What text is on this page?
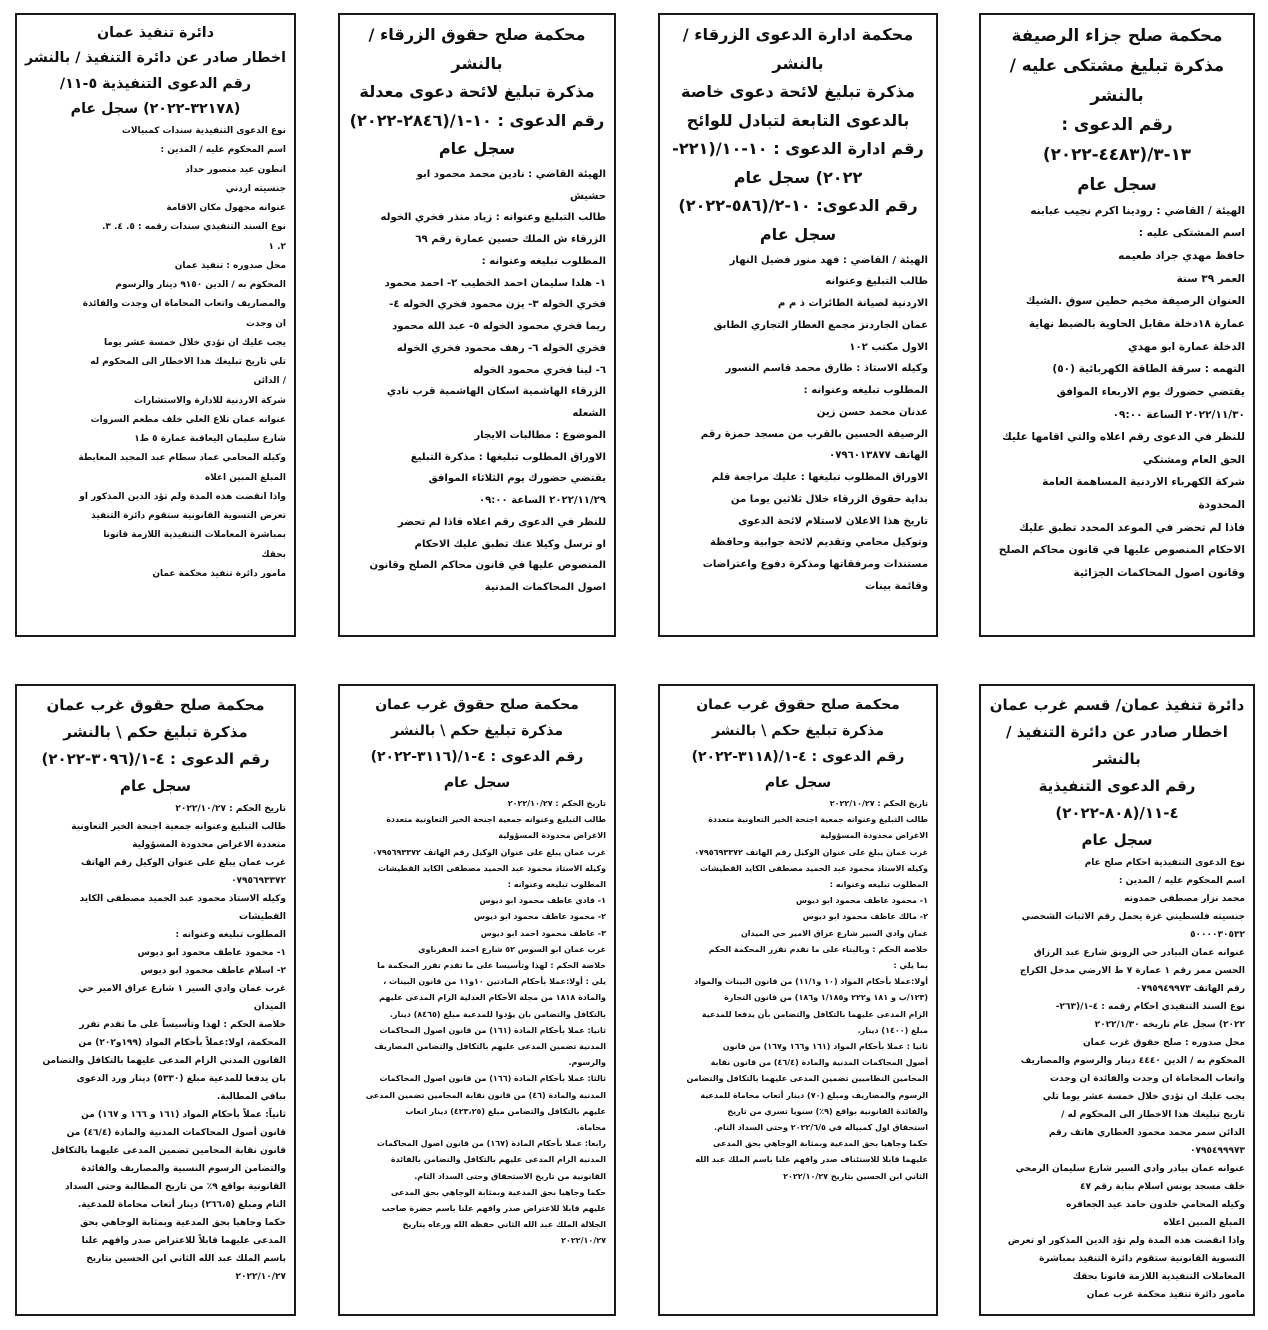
محكمة صلح جزاء الرصيفة

مذكرة تبليغ مشتكى عليه / بالنشر

رقم الدعوى : ١٣-٣/(٤٤٨٣-٢٠٢٢)

سجل عام

الهيئة / القاضي : رودينا اكرم نجيب عبابنه

اسم المشتكى عليه :

حافظ مهدي جراد طعيمه

العمر ٣٩ سنة

العنوان الرصيفة مخيم حطين سوق .الشيك

عمارة ١٨دخلة مقابل الحاوية بالضبط نهاية

الدخلة عمارة ابو مهدي

التهمه : سرقة الطاقة الكهربائية (٥٠)

يقتضي حضورك يوم الاربعاء الموافق

٢٠٢٢/١١/٣٠ الساعة ٠٩:٠٠

للنظر في الدعوى رقم اعلاه والتي اقامها عليك

الحق العام ومشتكي

شركة الكهرباء الاردنية المساهمة العامة

المحدودة

فاذا لم تحضر في الموعد المحدد تطبق عليك

الاحكام المنصوص عليها في قانون محاكم الصلح

وقانون اصول المحاكمات الجزائية

محكمة ادارة الدعوى الزرقاء /بالنشر

مذكرة تبليغ لائحة دعوى خاصة

بالدعوى التابعة لتبادل للوائح

رقم ادارة الدعوى : ١٠-١٠/(٢٢١-

٢٠٢٢) سجل عام

رقم الدعوى: ١٠-٢/(٥٨٦-٢٠٢٢)

سجل عام

الهيئة / القاضي : فهد منور فضيل النهار

طالب التبليغ وعنوانه

الاردنية لصيانة الطائرات ذ م م

عمان الجاردنز مجمع العطار التجاري الطابق

الاول مكتب ١٠٢

وكيله الاستاذ : طارق محمد قاسم النسور

المطلوب تبليغه وعنوانه :

عدنان محمد حسن زين

الرصيفة الحسين بالقرب من مسجد حمزة رقم

الهاتف ٠٧٩٦٠١٣٨٧٧

الاوراق المطلوب تبليغها : عليك مراجعة قلم

بداية حقوق الزرقاء خلال ثلاثين يوما من

تاريخ هذا الاعلان لاستلام لائحة الدعوى

وتوكيل محامي وتقديم لائحة جوابية وحافظة

مستندات ومرفقاتها ومذكرة دفوع واعتراضات

وقائمة بينات

محكمة صلح حقوق الزرقاء / بالنشر

مذكرة تبليغ لائحة دعوى معدلة

رقم الدعوى : ١٠-١/(٢٨٤٦-٢٠٢٢)

سجل عام

الهيئة القاضي : نادين محمد محمود ابو

حشيش

طالب التبليغ وعنوانه : زياد منذر فخري الخوله

الزرقاء ش الملك حسين عمارة رقم ٦٩

المطلوب تبليغه وعنوانه :

١- هلدا سليمان احمد الخطيب ٢- احمد محمود

فخري الخوله ٣- يزن محمود فخري الخوله ٤-

ريما فخري محمود الخوله ٥- عبد الله محمود

فخري الخوله ٦- رهف محمود فخري الخوله

٦- لينا فخري محمود الخوله

الزرقاء الهاشمية اسكان الهاشمية قرب نادي

الشعله

الموضوع : مطالبات الايجار

الاوراق المطلوب تبليغها : مذكرة التبليغ

يقتضي حضورك يوم الثلاثاء الموافق

٢٠٢٢/١١/٢٩ الساعة ٠٩:٠٠

للنظر في الدعوى رقم اعلاه فاذا لم تحضر

او ترسل وكيلا عنك تطبق عليك الاحكام

المنصوص عليها في قانون محاكم الصلح وقانون

اصول المحاكمات المدنية

دائرة تنفيذ عمان

اخطار صادر عن دائرة التنفيذ / بالنشر

رقم الدعوى التنفيذية ٥-١١/

(٣٢١٧٨-٢٠٢٢) سجل عام

نوع الدعوى التنفيذية سندات كمبيالات

اسم المحكوم عليه / المدين :

انطون عيد منصور حداد

جنسيته اردني

عنوانه مجهول مكان الاقامة

نوع السند التنفيذي سندات رقمه : ٥. ٤. ٣.

٢. ١

محل صدوره : تنفيذ عمان

المحكوم به / الدين ٩١٥٠ دينار والرسوم

والمصاريف واتعاب المحاماة ان وجدت والفائدة

ان وجدت

يجب عليك ان تؤدي خلال خمسة عشر يوما

تلي تاريخ تبليغك هذا الاخطار الى المحكوم له

/ الدائن

شركة الاردنية للادارة والاستشارات

عنوانه عمان تلاع العلي خلف مطعم السروات

شارع سليمان اليعاقبة عمارة ٥ ط١

وكيله المحامي عماد سطام عبد المجيد المعايطة

المبلغ المبين اعلاه

واذا انقضت هذه المدة ولم تؤد الدين المذكور او

تعرض التسوية القانونية ستقوم دائرة التنفيذ

بمباشرة المعاملات التنفيذية اللازمة قانونا

بحقك

مامور دائرة تنفيذ محكمة عمان

دائرة تنفيذ عمان/ قسم غرب عمان

اخطار صادر عن دائرة التنفيذ / بالنشر

رقم الدعوى التنفيذية ٤-١١/(٨٠٨-٢٠٢٢)

سجل عام

نوع الدعوى التنفيذية احكام صلح عام

اسم المحكوم عليه / المدين :

محمد نزار مصطفى حمدونه

جنسيته فلسطيني غزة يحمل رقم الاثبات الشخصي

٥٠٠٠٠٣٠٥٣٢

عنوانه عمان البيادر حي الرونق شارع عبد الرزاق

الحسن ممر رقم ١ عمارة ٧ ط الارضي مدخل الكراج

رقم الهاتف ٠٧٩٥٩٤٩٩٧٣

نوع السند التنفيذي احكام رقمه : ٤-١/(٢٦٣-

٢٠٢٢) سجل عام تاريخه ٢٠٢٢/١/٣٠

محل صدوره : صلح حقوق غرب عمان

المحكوم به / الدين ٤٤٤٠ دينار والرسوم والمصاريف

واتعاب المحاماة ان وجدت والفائدة ان وجدت

يجب عليك ان تؤدي خلال خمسة عشر يوما تلي

تاريخ تبليغك هذا الاخطار الى المحكوم له /

الدائن سمر محمد محمود العطاري هاتف رقم

٠٧٩٥٤٩٩٩٧٣

عنوانه عمان بيادر وادي السير شارع سليمان الرمحي

خلف مسجد يونس اسلام بناية رقم ٤٧

وكيله المحامي خلدون حامد عيد الجعافره

المبلغ المبين اعلاه

واذا انقضت هذه المدة ولم تؤد الدين المذكور او تعرض

التسوية القانونية ستقوم دائرة التنفيذ بمباشرة

المعاملات التنفيذية اللازمة قانونا بحقك

مامور دائرة تنفيذ محكمة غرب عمان

محكمة صلح حقوق غرب عمان

مذكرة تبليغ حكم \ بالنشر

رقم الدعوى : ٤-١/(٣١١٨-٢٠٢٢)

سجل عام

تاريخ الحكم : ٢٠٢٢/١٠/٢٧

طالب التبليغ وعنوانه جمعية اجنحة الخير التعاونية متعددة

الاغراض محدودة المسؤولية

غرب عمان يبلغ على عنوان الوكيل رقم الهاتف ٠٧٩٥٦٩٣٣٧٢

وكيله الاستاذ محمود عبد الحميد مصطفى الكايد القطيشات

المطلوب تبليغه وعنوانه :

١- محمود عاطف محمود ابو ديوس

٢- مالك عاطف محمود ابو ديوس

عمان وادي السير شارع عراق الامير حي الميدان

خلاصة الحكم : وبالبناء على ما تقدم تقرر المحكمة الحكم

بما يلي :

أولا:عملا بأحكام المواد (١٠ و١١/١) من قانون البينات والمواد

(١٢٣/ب و ١٨١ و٢٢٢ و١/١٨٥ و١٨٦) من قانون التجارة

الزام المدعى عليهما بالتكافل والتضامن بأن يدفعا للمدعية

مبلغ (١٤٠٠) دينار.

ثانيا : عملا بأحكام المواد (١٦١ و١٦٦ و١٦٧) من قانون

أصول المحاكمات المدنية والمادة (٤٦/٤) من قانون نقابة

المحامين النظاميين تضمين المدعى عليهما بالتكافل والتضامن

الرسوم والمصاريف ومبلغ (٧٠) دينار أتعاب محاماة للمدعية

والفائدة القانونية بواقع (٩٪) سنويا تسري من تاريخ

استحقاق اول كمبياله في ٢٠٢٢/٦/٥ وحتى السداد التام.

حكما وجاهيا بحق المدعية وبمثابة الوجاهي بحق المدعى

عليهما قابلا للاستئناف صدر وافهم علنا باسم الملك عبد الله

الثاني ابن الحسين بتاريخ ٢٠٢٢/١٠/٢٧

محكمة صلح حقوق غرب عمان

مذكرة تبليغ حكم \ بالنشر

رقم الدعوى : ٤-١/(٣١١٦-٢٠٢٢)

سجل عام

تاريخ الحكم : ٢٠٢٢/١٠/٢٧

طالب التبليغ وعنوانه جمعية اجنحة الخير التعاونية متعددة

الاغراض محدودة المسؤولية

غرب عمان يبلغ على عنوان الوكيل رقم الهاتف ٠٧٩٥٦٩٣٣٧٢

وكيله الاستاذ محمود عبد الحميد مصطفى الكايد القطيشات

المطلوب تبليغه وعنوانه :

١- فادي عاطف محمود ابو ديوس

٢- محمود عاطف محمود ابو ديوس

٣- عاطف محمود احمد ابو ديوس

غرب عمان ابو السوس ٥٢ شارع احمد العقرباوي

خلاصة الحكم : لهذا وتأسيسا على ما تقدم تقرر المحكمة ما

يلي : أولا:عملا بأحكام المادتين ١٠و١١ من قانون البينات ،

والمادة ١٨١٨ من مجلة الأحكام العدلية الزام المدعى عليهم

بالتكافل والتضامن بان يؤدوا للمدعية مبلغ (٨٤٦٥) دينار.

ثانيا: عملا بأحكام المادة (١٦١) من قانون اصول المحاكمات

المدنية تضمين المدعى عليهم بالتكافل والتضامن المصاريف

والرسوم.

ثالثا: عملا بأحكام المادة (١٦٦) من قانون اصول المحاكمات

المدنية والمادة (٤٦) من قانون نقابة المحامين تضمين المدعى

عليهم بالتكافل والتضامن مبلغ (٤٢٣،٢٥) دينار اتعاب

محاماة.

رابعا: عملا بأحكام المادة (١٦٧) من قانون اصول المحاكمات

المدنية الزام المدعى عليهم بالتكافل والتضامن بالفائدة

القانونية من تاريخ الاستحقاق وحتى السداد التام.

حكما وجاهيا بحق المدعية وبمثابة الوجاهي بحق المدعى

عليهم قابلا للاعتراض صدر وافهم علنا باسم حضرة صاحب

الجلالة الملك عبد الله الثاني حفظه الله ورعاه بتاريخ

٢٠٢٢/١٠/٢٧

محكمة صلح حقوق غرب عمان

مذكرة تبليغ حكم \ بالنشر

رقم الدعوى : ٤-١/(٣٠٩٦-٢٠٢٢)

سجل عام

تاريخ الحكم : ٢٠٢٢/١٠/٢٧

طالب التبليغ وعنوانه جمعية اجنحة الخير التعاونية

متعددة الاغراض محدودة المسؤولية

غرب عمان يبلغ على عنوان الوكيل رقم الهاتف

٠٧٩٥٦٩٣٣٧٢

وكيله الاستاذ محمود عبد الحميد مصطفى الكايد

القطيشات

المطلوب تبليغه وعنوانه :

١- محمود عاطف محمود ابو ديوس

٢- اسلام عاطف محمود ابو ديوس

غرب عمان وادي السير ١ شارع عراق الامير حي

الميدان

خلاصة الحكم : لهذا وتأسيساً على ما تقدم تقرر

المحكمة، اولا:عملاً بأحكام المواد (١٩٩و٢٠٢) من

القانون المدني الزام المدعى عليهما بالتكافل والتضامن

بان يدفعا للمدعية مبلغ (٥٣٣٠) دينار ورد الدعوى

بباقي المطالبة.

ثانياً: عملاً بأحكام المواد (١٦١ و ١٦٦ و ١٦٧) من

قانون أصول المحاكمات المدنية والمادة (٤٦/٤) من

قانون نقابة المحامين تضمين المدعى عليهما بالتكافل

والتضامن الرسوم النسبية والمصاريف والفائدة

القانونية بواقع ٩٪ من تاريخ المطالبة وحتى السداد

التام ومبلغ (٢٦٦،٥) دينار أتعاب محاماة للمدعية.

حكما وجاهيا بحق المدعية وبمثابة الوجاهي بحق

المدعى عليهما قابلاً للاعتراض صدر وافهم علنا

باسم الملك عبد الله الثاني ابن الحسين بتاريخ

٢٠٢٢/١٠/٢٧
